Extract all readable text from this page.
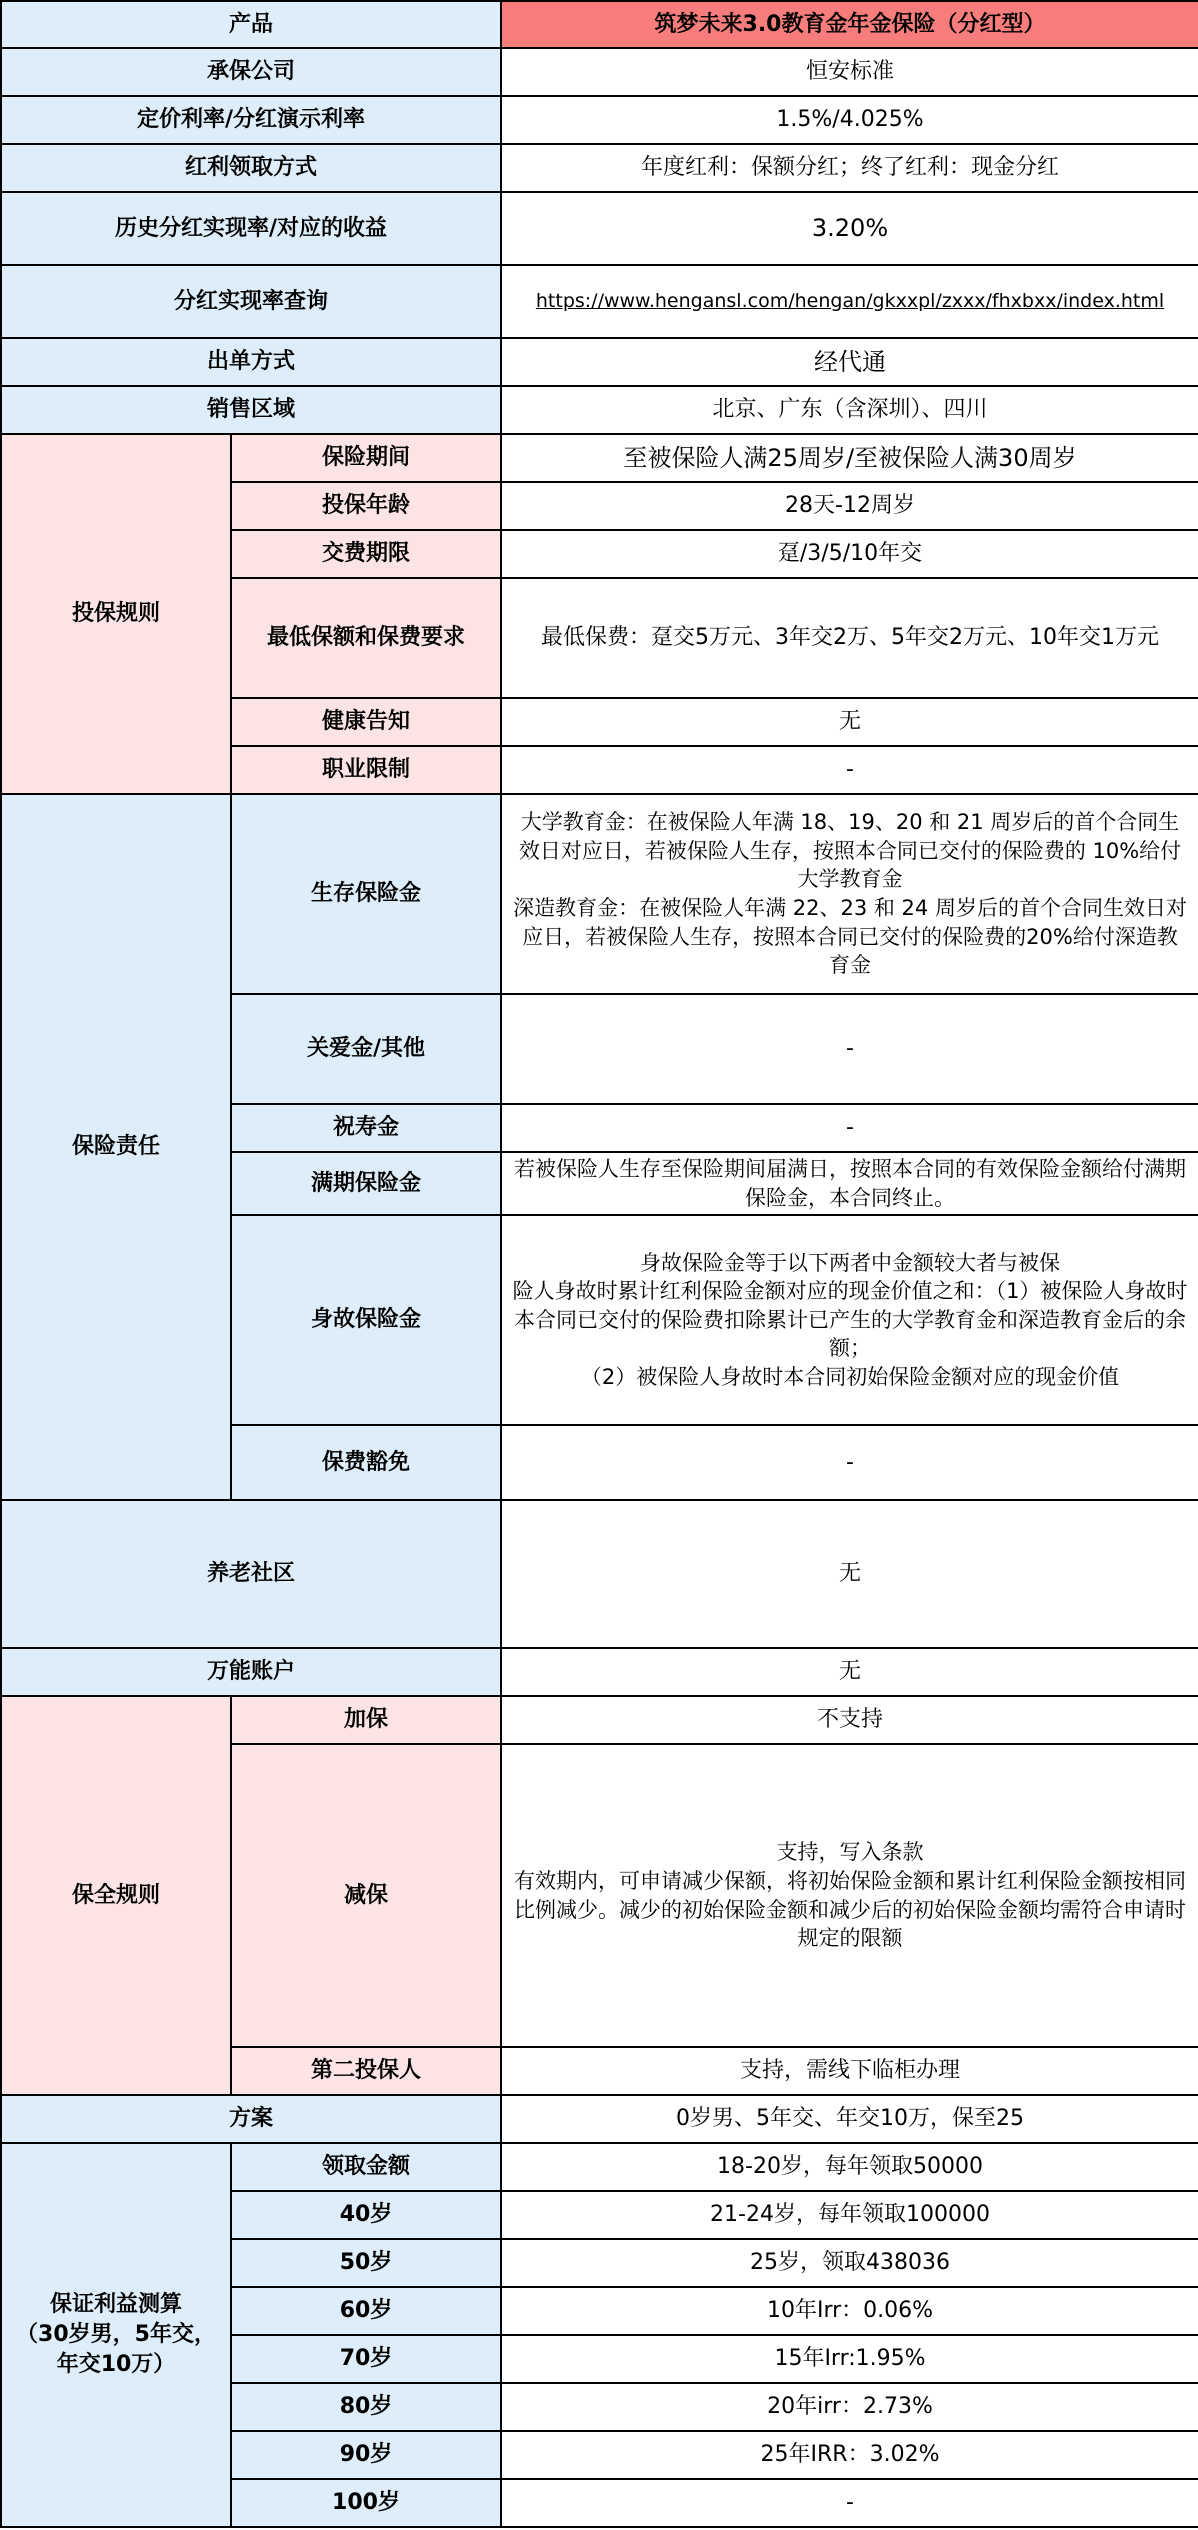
产品		筑梦未来3.0教育金年金保险（分红型）
承保公司		恒安标准
定价利率/分红演示利率		1.5%/4.025%
红利领取方式		年度红利：保额分红；终了红利：现金分红
历史分红实现率/对应的收益		3.20%
分红实现率查询		https://www.hengansl.com/hengan/gkxxpl/zxxx/fhxbxx/index.html
出单方式		经代通
销售区域		北京、广东（含深圳）、四川
投保规则	保险期间	至被保险人满25周岁/至被保险人满30周岁
	投保年龄	28天-12周岁
	交费期限	趸/3/5/10年交
	最低保额和保费要求	最低保费：趸交5万元、3年交2万、5年交2万元、10年交1万元
	健康告知	无
	职业限制	-
保险责任	生存保险金	大学教育金：在被保险人年满 18、19、20 和 21 周岁后的首个合同生效日对应日，若被保险人生存，按照本合同已交付的保险费的 10%给付大学教育金
深造教育金：在被保险人年满 22、23 和 24 周岁后的首个合同生效日对应日，若被保险人生存，按照本合同已交付的保险费的20%给付深造教育金
	关爱金/其他	-
	祝寿金	-
	满期保险金	若被保险人生存至保险期间届满日，按照本合同的有效保险金额给付满期保险金，本合同终止。
	身故保险金	身故保险金等于以下两者中金额较大者与被保
险人身故时累计红利保险金额对应的现金价值之和：（1）被保险人身故时本合同已交付的保险费扣除累计已产生的大学教育金和深造教育金后的余额；
（2）被保险人身故时本合同初始保险金额对应的现金价值
	保费豁免	-
养老社区		无
万能账户		无
保全规则	加保	不支持
	减保	支持，写入条款
有效期内，可申请减少保额，将初始保险金额和累计红利保险金额按相同比例减少。减少的初始保险金额和减少后的初始保险金额均需符合申请时规定的限额
	第二投保人	支持，需线下临柜办理
方案		0岁男、5年交、年交10万，保至25
保证利益测算
（30岁男，5年交，
年交10万）	领取金额	18-20岁，每年领取50000
	40岁	21-24岁，每年领取100000
	50岁	25岁，领取438036
	60岁	10年Irr：0.06%
	70岁	15年Irr:1.95%
	80岁	20年irr：2.73%
	90岁	25年IRR：3.02%
	100岁	-
